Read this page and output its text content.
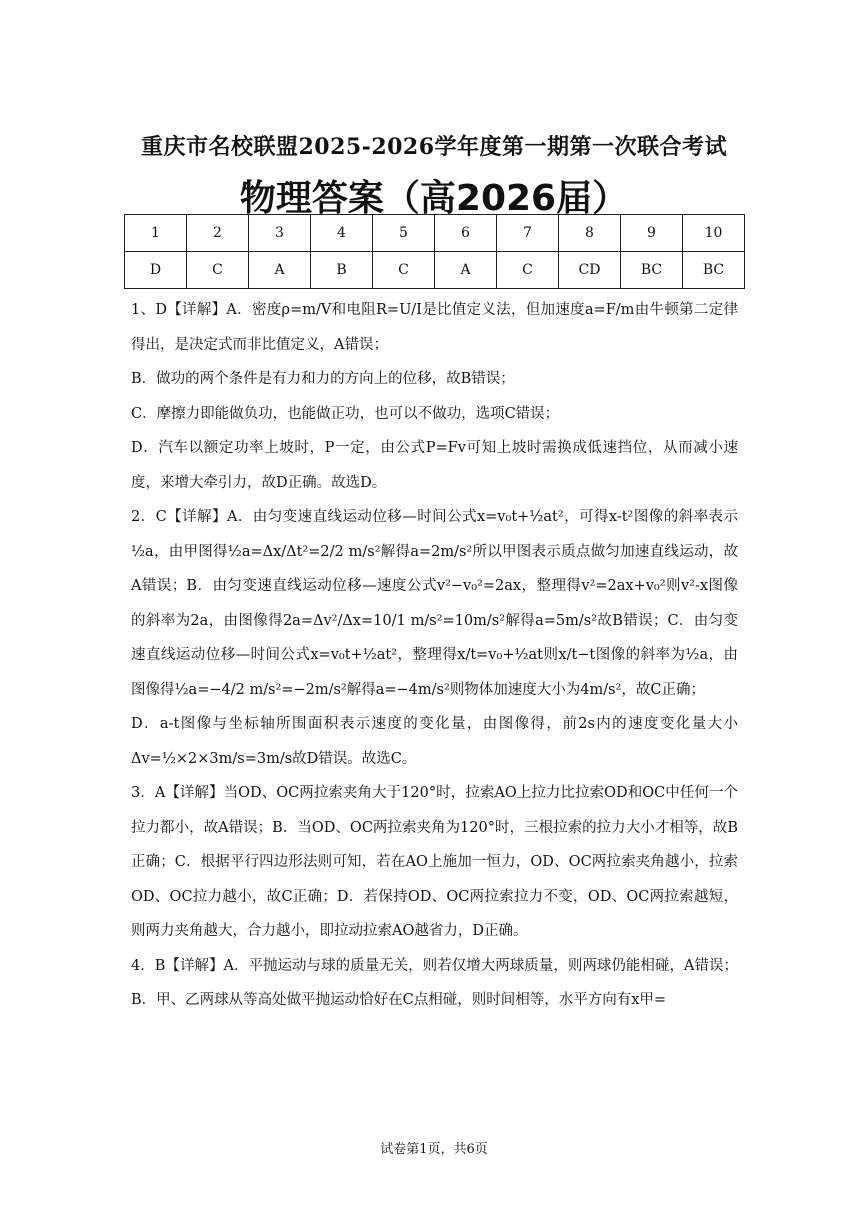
重庆市名校联盟2025-2026学年度第一期第一次联合考试
物理答案（高2026届）
1	2	3	4	5	6	7	8	9	10
D	C	A	B	C	A	C	CD	BC	BC

1、D【详解】A．密度ρ=m/V和电阻R=U/I是比值定义法，但加速度a=F/m由牛顿第二定律得出，是决定式而非比值定义，A错误；

B．做功的两个条件是有力和力的方向上的位移，故B错误；

C．摩擦力即能做负功，也能做正功，也可以不做功，选项C错误；

D．汽车以额定功率上坡时，P一定，由公式P=Fv可知上坡时需换成低速挡位，从而减小速度，来增大牵引力，故D正确。故选D。

2．C【详解】A．由匀变速直线运动位移—时间公式x=v₀t+½at²，可得x-t²图像的斜率表示½a，由甲图得½a=Δx/Δt²=2/2 m/s²解得a=2m/s²所以甲图表示质点做匀加速直线运动，故A错误；B．由匀变速直线运动位移—速度公式v²−v₀²=2ax，整理得v²=2ax+v₀²则v²-x图像的斜率为2a，由图像得2a=Δv²/Δx=10/1 m/s²=10m/s²解得a=5m/s²故B错误；C．由匀变速直线运动位移—时间公式x=v₀t+½at²，整理得x/t=v₀+½at则x/t−t图像的斜率为½a，由图像得½a=−4/2 m/s²=−2m/s²解得a=−4m/s²则物体加速度大小为4m/s²，故C正确；

D．a-t图像与坐标轴所围面积表示速度的变化量，由图像得，前2s内的速度变化量大小Δv=½×2×3m/s=3m/s故D错误。故选C。

3．A【详解】当OD、OC两拉索夹角大于120°时，拉索AO上拉力比拉索OD和OC中任何一个拉力都小，故A错误；B．当OD、OC两拉索夹角为120°时，三根拉索的拉力大小才相等，故B正确；C．根据平行四边形法则可知，若在AO上施加一恒力，OD、OC两拉索夹角越小，拉索OD、OC拉力越小，故C正确；D．若保持OD、OC两拉索拉力不变，OD、OC两拉索越短，则两力夹角越大，合力越小，即拉动拉索AO越省力，D正确。

4．B【详解】A．平抛运动与球的质量无关，则若仅增大两球质量，则两球仍能相碰，A错误；B．甲、乙两球从等高处做平抛运动恰好在C点相碰，则时间相等，水平方向有x甲=

试卷第1页，共6页
